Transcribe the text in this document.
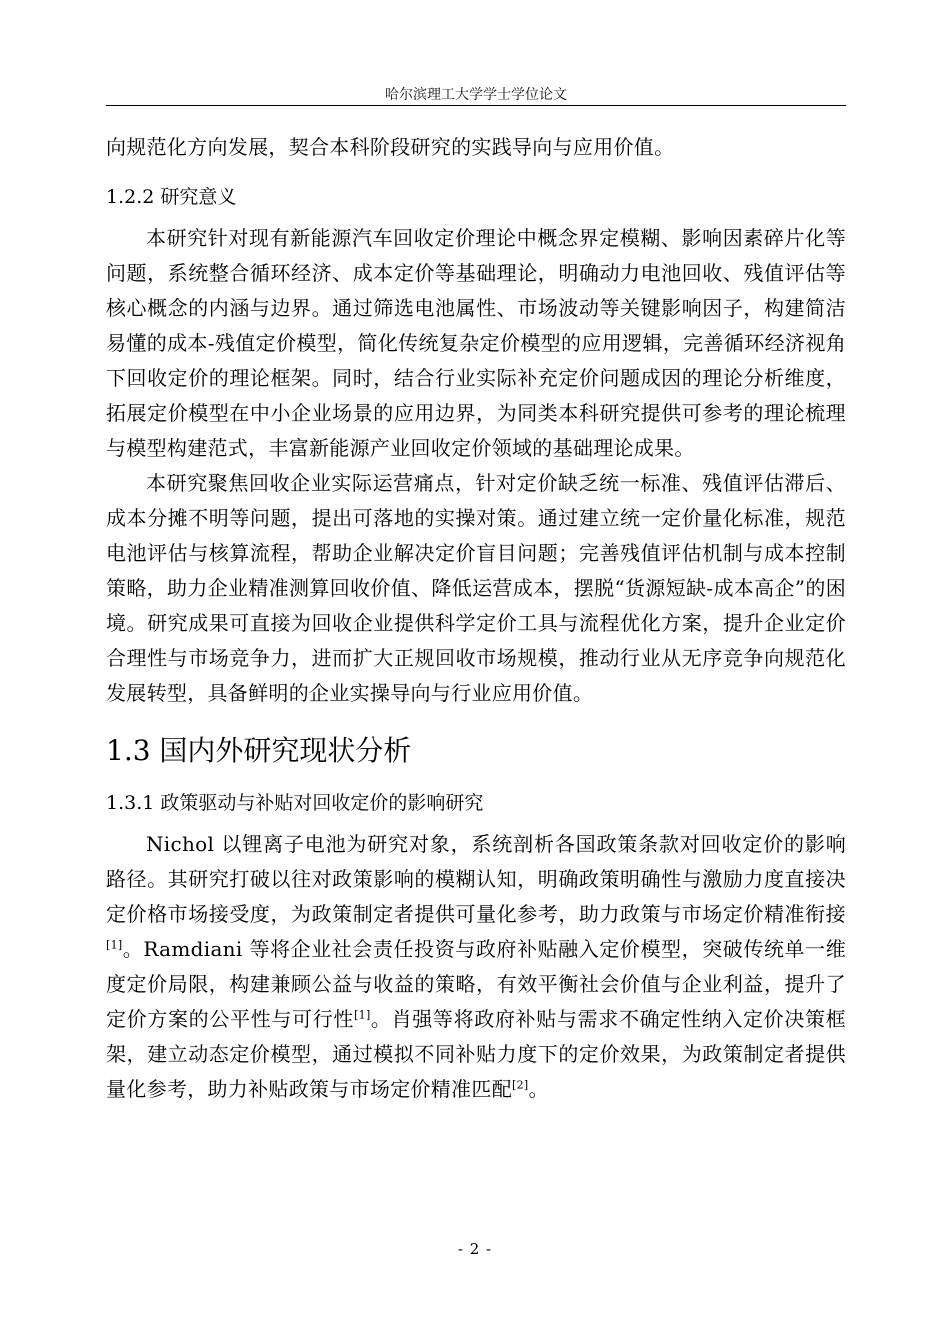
哈尔滨理工大学学士学位论文

向规范化方向发展，契合本科阶段研究的实践导向与应用价值。

1.2.2 研究意义

本研究针对现有新能源汽车回收定价理论中概念界定模糊、影响因素碎片化等问题，系统整合循环经济、成本定价等基础理论，明确动力电池回收、残值评估等核心概念的内涵与边界。通过筛选电池属性、市场波动等关键影响因子，构建简洁易懂的成本-残值定价模型，简化传统复杂定价模型的应用逻辑，完善循环经济视角下回收定价的理论框架。同时，结合行业实际补充定价问题成因的理论分析维度，拓展定价模型在中小企业场景的应用边界，为同类本科研究提供可参考的理论梳理与模型构建范式，丰富新能源产业回收定价领域的基础理论成果。

本研究聚焦回收企业实际运营痛点，针对定价缺乏统一标准、残值评估滞后、成本分摊不明等问题，提出可落地的实操对策。通过建立统一定价量化标准，规范电池评估与核算流程，帮助企业解决定价盲目问题；完善残值评估机制与成本控制策略，助力企业精准测算回收价值、降低运营成本，摆脱“货源短缺-成本高企”的困境。研究成果可直接为回收企业提供科学定价工具与流程优化方案，提升企业定价合理性与市场竞争力，进而扩大正规回收市场规模，推动行业从无序竞争向规范化发展转型，具备鲜明的企业实操导向与行业应用价值。

1.3 国内外研究现状分析
1.3.1 政策驱动与补贴对回收定价的影响研究

Nichol 以锂离子电池为研究对象，系统剖析各国政策条款对回收定价的影响路径。其研究打破以往对政策影响的模糊认知，明确政策明确性与激励力度直接决定价格市场接受度，为政策制定者提供可量化参考，助力政策与市场定价精准衔接[1]。Ramdiani 等将企业社会责任投资与政府补贴融入定价模型，突破传统单一维度定价局限，构建兼顾公益与收益的策略，有效平衡社会价值与企业利益，提升了定价方案的公平性与可行性[1]。肖强等将政府补贴与需求不确定性纳入定价决策框架，建立动态定价模型，通过模拟不同补贴力度下的定价效果，为政策制定者提供量化参考，助力补贴政策与市场定价精准匹配[2]。

- 2 -
